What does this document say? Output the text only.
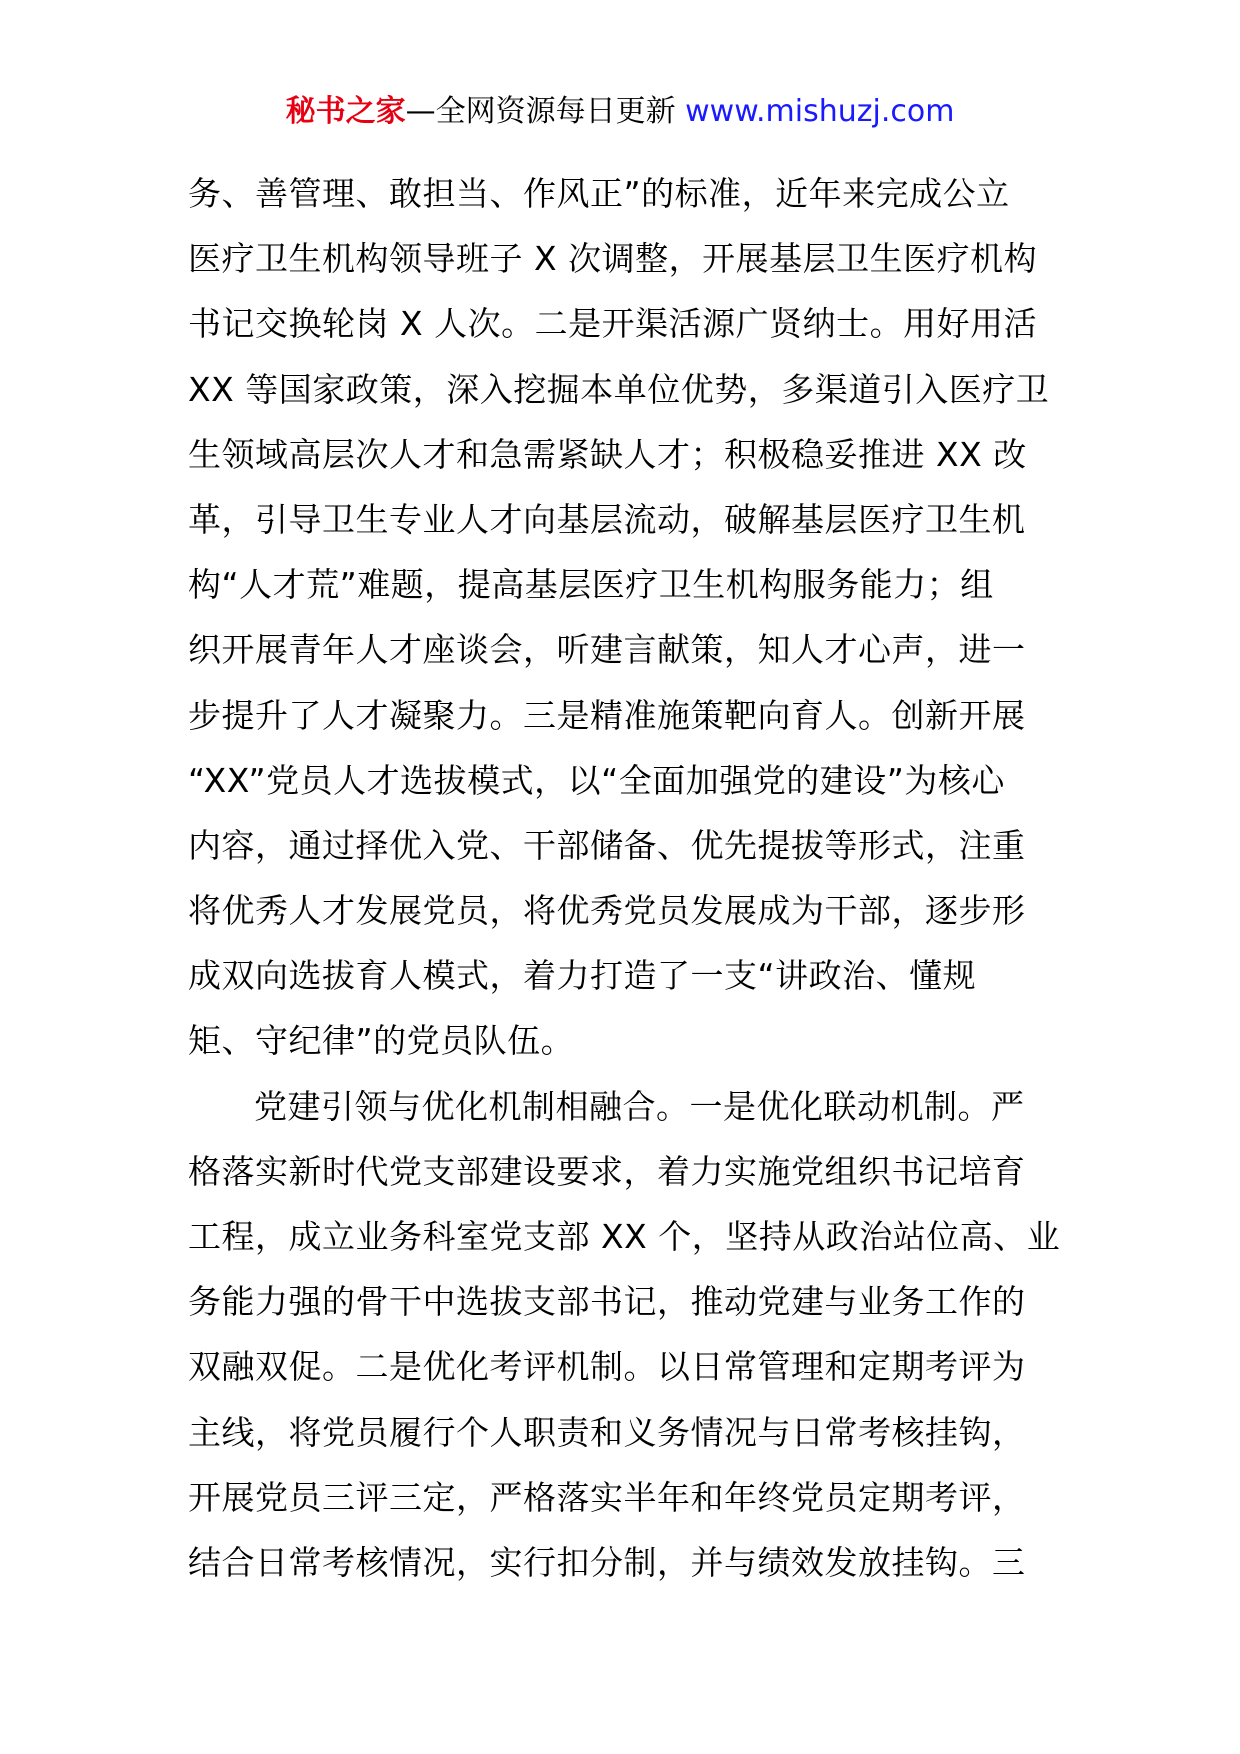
秘书之家—全网资源每日更新 www.mishuzj.com
务、善管理、敢担当、作风正”的标准，近年来完成公立
医疗卫生机构领导班子 X 次调整，开展基层卫生医疗机构
书记交换轮岗 X 人次。二是开渠活源广贤纳士。用好用活
XX 等国家政策，深入挖掘本单位优势，多渠道引入医疗卫
生领域高层次人才和急需紧缺人才；积极稳妥推进 XX 改
革，引导卫生专业人才向基层流动，破解基层医疗卫生机
构“人才荒”难题，提高基层医疗卫生机构服务能力；组
织开展青年人才座谈会，听建言献策，知人才心声，进一
步提升了人才凝聚力。三是精准施策靶向育人。创新开展
“XX”党员人才选拔模式，以“全面加强党的建设”为核心
内容，通过择优入党、干部储备、优先提拔等形式，注重
将优秀人才发展党员，将优秀党员发展成为干部，逐步形
成双向选拔育人模式，着力打造了一支“讲政治、懂规
矩、守纪律”的党员队伍。
党建引领与优化机制相融合。一是优化联动机制。严
格落实新时代党支部建设要求，着力实施党组织书记培育
工程，成立业务科室党支部 XX 个，坚持从政治站位高、业
务能力强的骨干中选拔支部书记，推动党建与业务工作的
双融双促。二是优化考评机制。以日常管理和定期考评为
主线，将党员履行个人职责和义务情况与日常考核挂钩，
开展党员三评三定，严格落实半年和年终党员定期考评，
结合日常考核情况，实行扣分制，并与绩效发放挂钩。三
